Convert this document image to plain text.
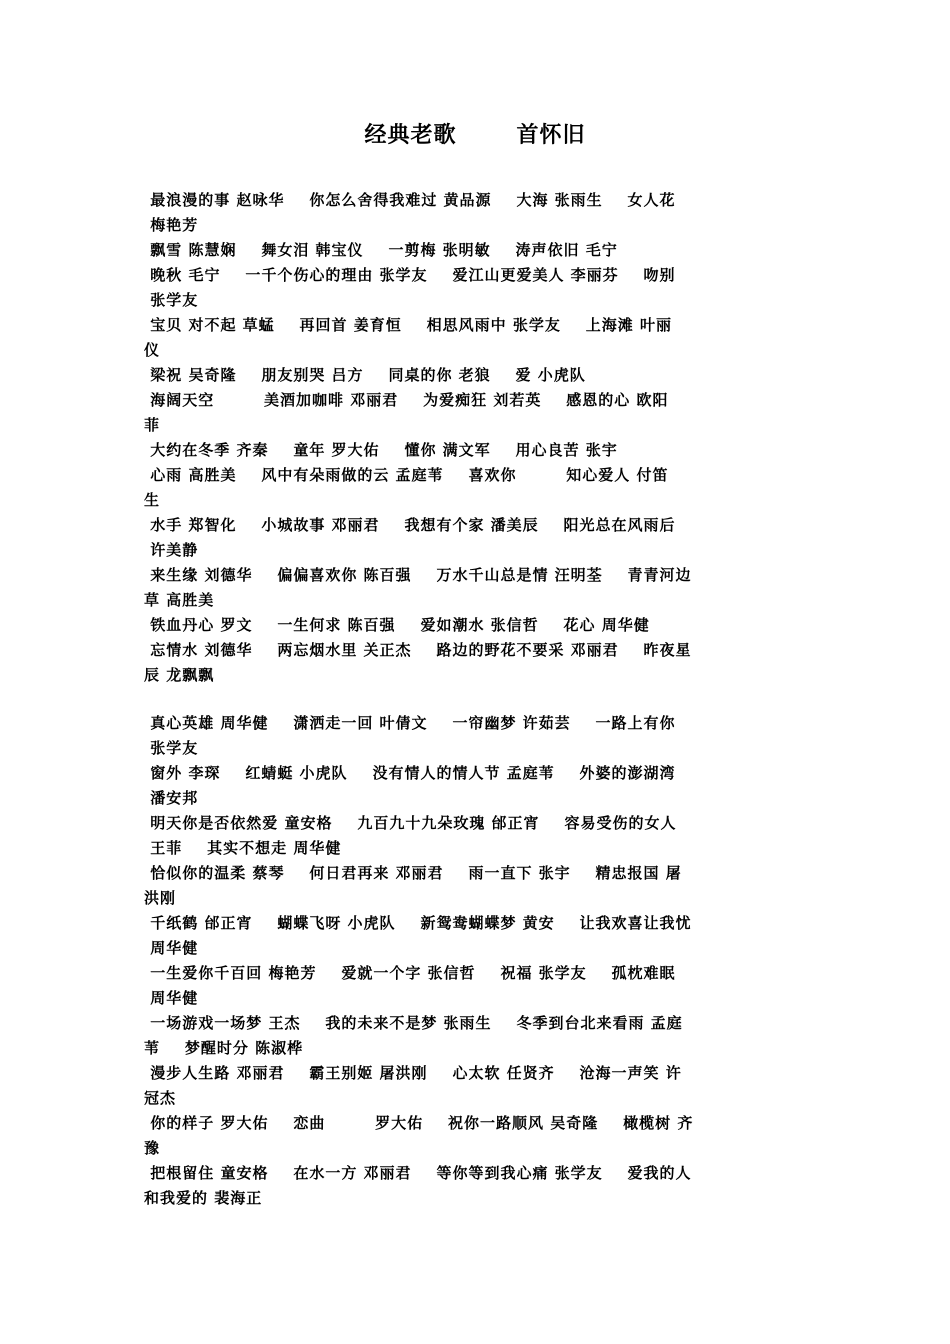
经典老歌	首怀旧
最浪漫的事 赵咏华    你怎么舍得我难过 黄品源    大海 张雨生    女人花
梅艳芳
飘雪 陈慧娴    舞女泪 韩宝仪    一剪梅 张明敏    涛声依旧 毛宁
晚秋 毛宁    一千个伤心的理由 张学友    爱江山更爱美人 李丽芬    吻别
张学友
宝贝 对不起 草蜢    再回首 姜育恒    相思风雨中 张学友    上海滩 叶丽
仪
梁祝 吴奇隆    朋友别哭 吕方    同桌的你 老狼    爱 小虎队
海阔天空        美酒加咖啡 邓丽君    为爱痴狂 刘若英    感恩的心 欧阳
菲
大约在冬季 齐秦    童年 罗大佑    懂你 满文军    用心良苦 张宇
心雨 高胜美    风中有朵雨做的云 孟庭苇    喜欢你        知心爱人 付笛
生
水手 郑智化    小城故事 邓丽君    我想有个家 潘美辰    阳光总在风雨后
许美静
来生缘 刘德华    偏偏喜欢你 陈百强    万水千山总是情 汪明荃    青青河边
草 高胜美
铁血丹心 罗文    一生何求 陈百强    爱如潮水 张信哲    花心 周华健
忘情水 刘德华    两忘烟水里 关正杰    路边的野花不要采 邓丽君    昨夜星
辰 龙飘飘
真心英雄 周华健    潇洒走一回 叶倩文    一帘幽梦 许茹芸    一路上有你
张学友
窗外 李琛    红蜻蜓 小虎队    没有情人的情人节 孟庭苇    外婆的澎湖湾
潘安邦
明天你是否依然爱 童安格    九百九十九朵玫瑰 邰正宵    容易受伤的女人
王菲    其实不想走 周华健
恰似你的温柔 蔡琴    何日君再来 邓丽君    雨一直下 张宇    精忠报国 屠
洪刚
千纸鹤 邰正宵    蝴蝶飞呀 小虎队    新鸳鸯蝴蝶梦 黄安    让我欢喜让我忧
周华健
一生爱你千百回 梅艳芳    爱就一个字 张信哲    祝福 张学友    孤枕难眠
周华健
一场游戏一场梦 王杰    我的未来不是梦 张雨生    冬季到台北来看雨 孟庭
苇    梦醒时分 陈淑桦
漫步人生路 邓丽君    霸王别姬 屠洪刚    心太软 任贤齐    沧海一声笑 许
冠杰
你的样子 罗大佑    恋曲        罗大佑    祝你一路顺风 吴奇隆    橄榄树 齐
豫
把根留住 童安格    在水一方 邓丽君    等你等到我心痛 张学友    爱我的人
和我爱的 裴海正
